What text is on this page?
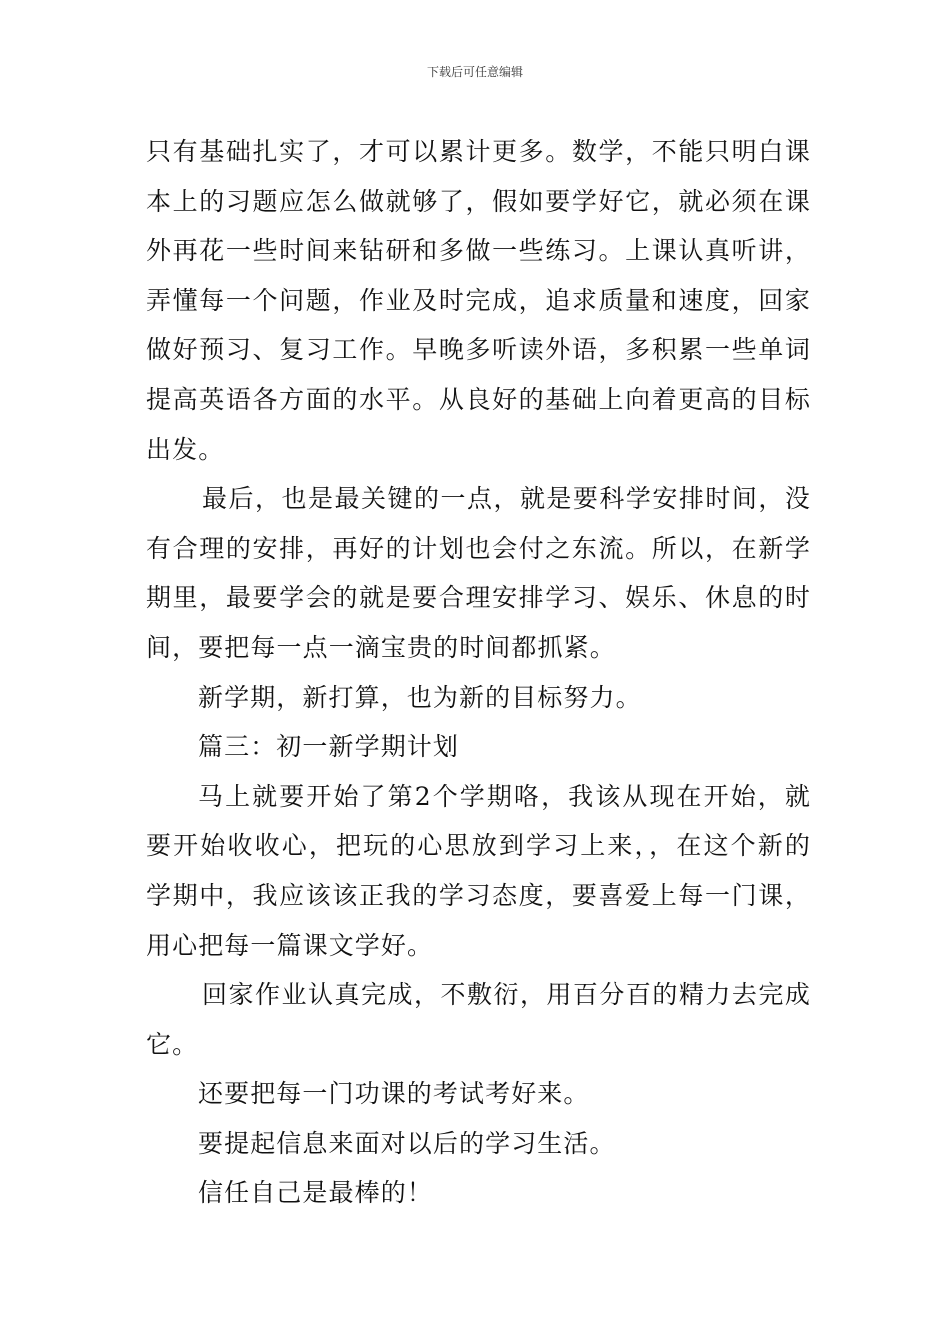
下载后可任意编辑

只有基础扎实了，才可以累计更多。数学，不能只明白课本上的习题应怎么做就够了，假如要学好它，就必须在课外再花一些时间来钻研和多做一些练习。上课认真听讲，弄懂每一个问题，作业及时完成，追求质量和速度，回家做好预习、复习工作。早晚多听读外语，多积累一些单词提高英语各方面的水平。从良好的基础上向着更高的目标出发。

最后，也是最关键的一点，就是要科学安排时间，没有合理的安排，再好的计划也会付之东流。所以，在新学期里，最要学会的就是要合理安排学习、娱乐、休息的时间，要把每一点一滴宝贵的时间都抓紧。

新学期，新打算，也为新的目标努力。

篇三：初一新学期计划

马上就要开始了第2个学期咯，我该从现在开始，就要开始收收心，把玩的心思放到学习上来，，在这个新的学期中，我应该该正我的学习态度，要喜爱上每一门课，用心把每一篇课文学好。

回家作业认真完成，不敷衍，用百分百的精力去完成它。

还要把每一门功课的考试考好来。

要提起信息来面对以后的学习生活。

信任自己是最棒的！
